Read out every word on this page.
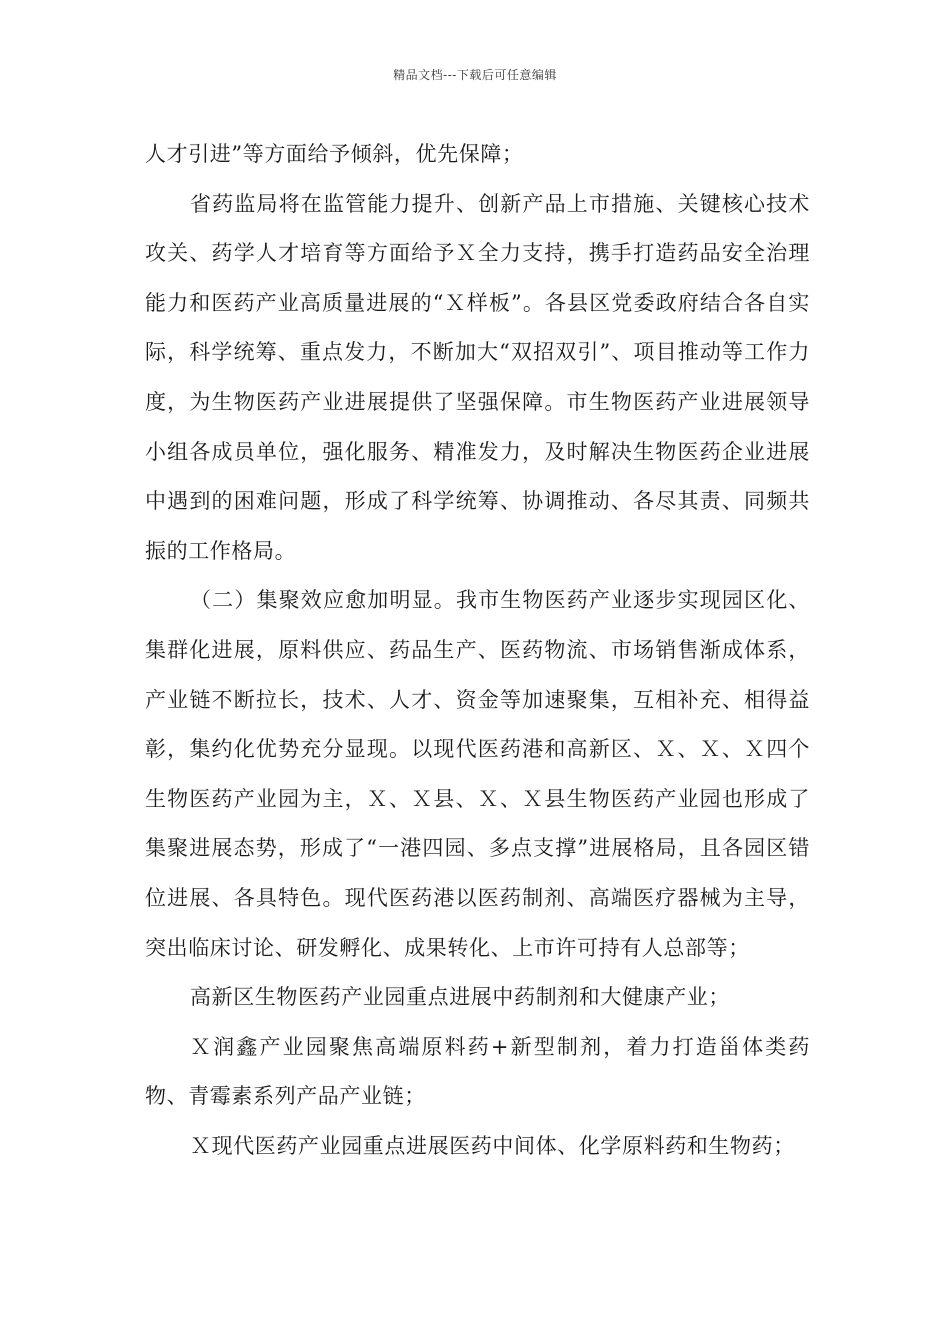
精品文档---下载后可任意编辑

人才引进”等方面给予倾斜，优先保障；

省药监局将在监管能力提升、创新产品上市措施、关键核心技术攻关、药学人才培育等方面给予Ｘ全力支持，携手打造药品安全治理能力和医药产业高质量进展的“Ｘ样板”。各县区党委政府结合各自实际，科学统筹、重点发力，不断加大“双招双引”、项目推动等工作力度，为生物医药产业进展提供了坚强保障。市生物医药产业进展领导小组各成员单位，强化服务、精准发力，及时解决生物医药企业进展中遇到的困难问题，形成了科学统筹、协调推动、各尽其责、同频共振的工作格局。

（二）集聚效应愈加明显。我市生物医药产业逐步实现园区化、集群化进展，原料供应、药品生产、医药物流、市场销售渐成体系，产业链不断拉长，技术、人才、资金等加速聚集，互相补充、相得益彰，集约化优势充分显现。以现代医药港和高新区、Ｘ、Ｘ、Ｘ四个生物医药产业园为主，Ｘ、Ｘ县、Ｘ、Ｘ县生物医药产业园也形成了集聚进展态势，形成了“一港四园、多点支撑”进展格局，且各园区错位进展、各具特色。现代医药港以医药制剂、高端医疗器械为主导，突出临床讨论、研发孵化、成果转化、上市许可持有人总部等；

高新区生物医药产业园重点进展中药制剂和大健康产业；

Ｘ润鑫产业园聚焦高端原料药+新型制剂，着力打造甾体类药物、青霉素系列产品产业链；

Ｘ现代医药产业园重点进展医药中间体、化学原料药和生物药；
